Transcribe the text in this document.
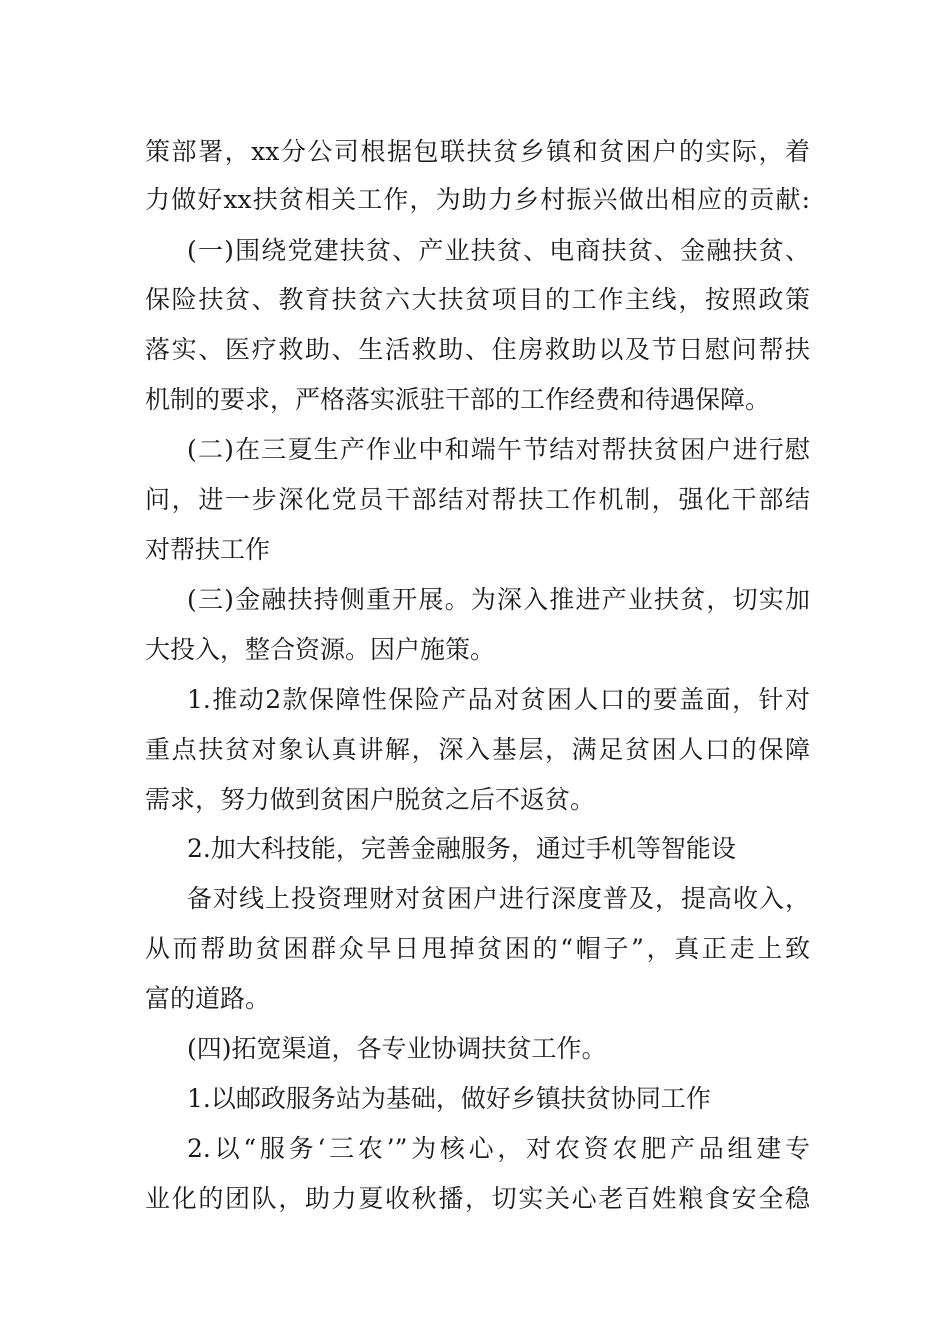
策部署，xx分公司根据包联扶贫乡镇和贫困户的实际，着
力做好xx扶贫相关工作，为助力乡村振兴做出相应的贡献:
(一)围绕党建扶贫、产业扶贫、电商扶贫、金融扶贫、
保险扶贫、教育扶贫六大扶贫项目的工作主线，按照政策
落实、医疗救助、生活救助、住房救助以及节日慰问帮扶
机制的要求，严格落实派驻干部的工作经费和待遇保障。
(二)在三夏生产作业中和端午节结对帮扶贫困户进行慰
问，进一步深化党员干部结对帮扶工作机制，强化干部结
对帮扶工作
(三)金融扶持侧重开展。为深入推进产业扶贫，切实加
大投入，整合资源。因户施策。
1.推动2款保障性保险产品对贫困人口的要盖面，针对
重点扶贫对象认真讲解，深入基层，满足贫困人口的保障
需求，努力做到贫困户脱贫之后不返贫。
2.加大科技能，完善金融服务，通过手机等智能设
备对线上投资理财对贫困户进行深度普及，提高收入，
从而帮助贫困群众早日甩掉贫困的“帽子”，真正走上致
富的道路。
(四)拓宽渠道，各专业协调扶贫工作。
1.以邮政服务站为基础，做好乡镇扶贫协同工作
2.以“服务‘三农’”为核心，对农资农肥产品组建专
业化的团队，助力夏收秋播，切实关心老百姓粮食安全稳
